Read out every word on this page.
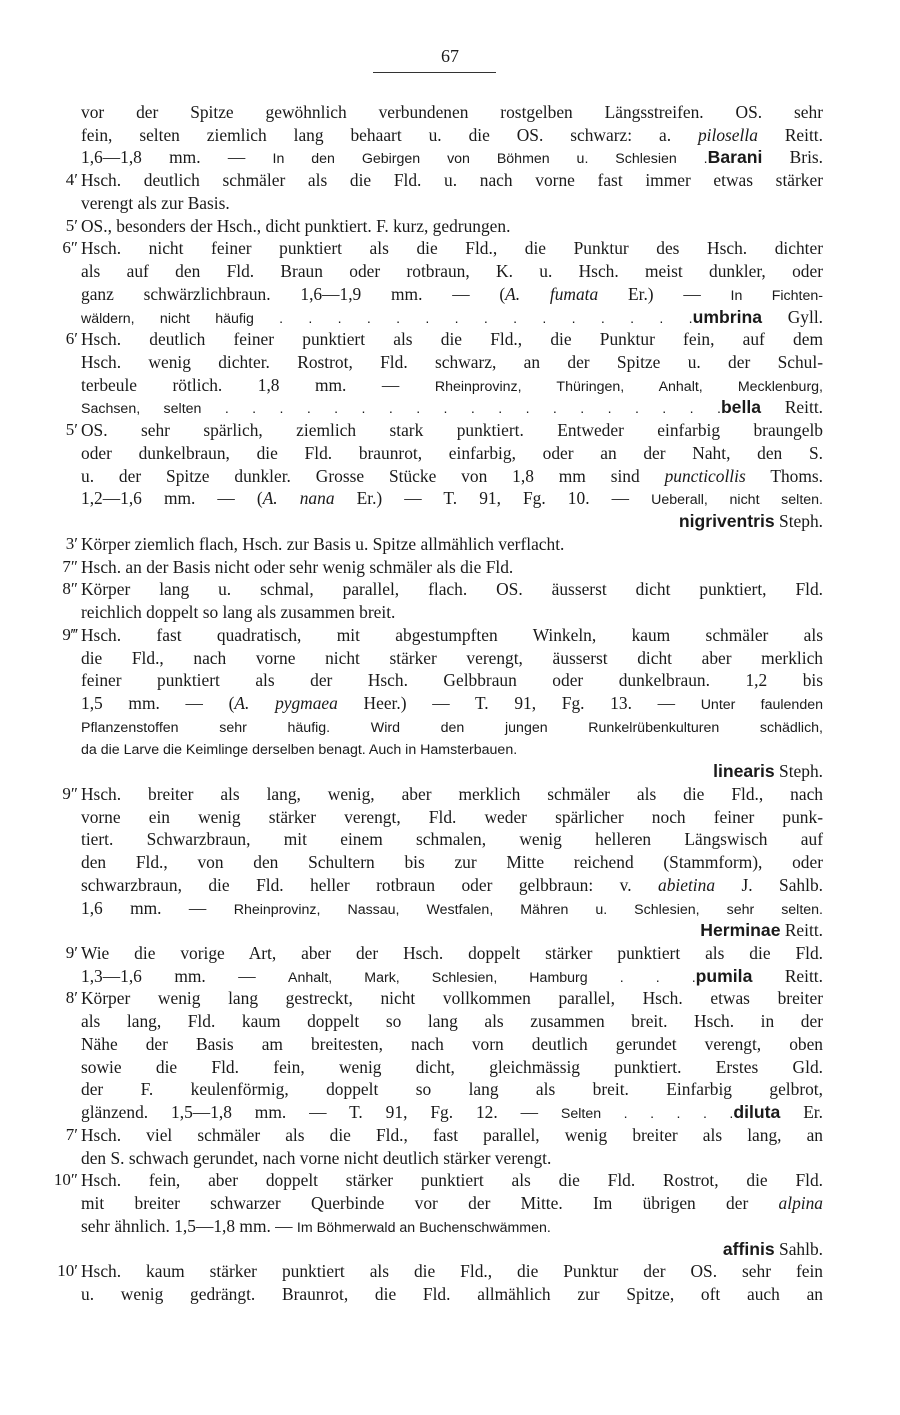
67
vor der Spitze gewöhnlich verbundenen rostgelben Längsstreifen. OS. sehr
fein, selten ziemlich lang behaart u. die OS. schwarz: a. pilosella Reitt.
1,6—1,8 mm. — In den Gebirgen von Böhmen u. Schlesien .Barani Bris.
4′ Hsch. deutlich schmäler als die Fld. u. nach vorne fast immer etwas stärker
verengt als zur Basis.
5′ OS., besonders der Hsch., dicht punktiert. F. kurz, gedrungen.
6″ Hsch. nicht feiner punktiert als die Fld., die Punktur des Hsch. dichter
als auf den Fld. Braun oder rotbraun, K. u. Hsch. meist dunkler, oder
ganz schwärzlichbraun. 1,6—1,9 mm. — (A. fumata Er.) — In Fichten-
wäldern, nicht häufig . . . . . . . . . . . . . . .umbrina Gyll.
6′ Hsch. deutlich feiner punktiert als die Fld., die Punktur fein, auf dem
Hsch. wenig dichter. Rostrot, Fld. schwarz, an der Spitze u. der Schul-
terbeule rötlich. 1,8 mm. — Rheinprovinz, Thüringen, Anhalt, Mecklenburg,
Sachsen, selten . . . . . . . . . . . . . . . . . . .bella Reitt.
5′ OS. sehr spärlich, ziemlich stark punktiert. Entweder einfarbig braungelb
oder dunkelbraun, die Fld. braunrot, einfarbig, oder an der Naht, den S.
u. der Spitze dunkler. Grosse Stücke von 1,8 mm sind puncticollis Thoms.
1,2—1,6 mm. — (A. nana Er.) — T. 91, Fg. 10. — Ueberall, nicht selten.
nigriventris Steph.
3′ Körper ziemlich flach, Hsch. zur Basis u. Spitze allmählich verflacht.
7″ Hsch. an der Basis nicht oder sehr wenig schmäler als die Fld.
8″ Körper lang u. schmal, parallel, flach. OS. äusserst dicht punktiert, Fld.
reichlich doppelt so lang als zusammen breit.
9‴ Hsch. fast quadratisch, mit abgestumpften Winkeln, kaum schmäler als
die Fld., nach vorne nicht stärker verengt, äusserst dicht aber merklich
feiner punktiert als der Hsch. Gelbbraun oder dunkelbraun. 1,2 bis
1,5 mm. — (A. pygmaea Heer.) — T. 91, Fg. 13. — Unter faulenden
Pflanzenstoffen sehr häufig. Wird den jungen Runkelrübenkulturen schädlich,
da die Larve die Keimlinge derselben benagt. Auch in Hamsterbauen.
linearis Steph.
9″ Hsch. breiter als lang, wenig, aber merklich schmäler als die Fld., nach
vorne ein wenig stärker verengt, Fld. weder spärlicher noch feiner punk-
tiert. Schwarzbraun, mit einem schmalen, wenig helleren Längswisch auf
den Fld., von den Schultern bis zur Mitte reichend (Stammform), oder
schwarzbraun, die Fld. heller rotbraun oder gelbbraun: v. abietina J. Sahlb.
1,6 mm. — Rheinprovinz, Nassau, Westfalen, Mähren u. Schlesien, sehr selten.
Herminae Reitt.
9′ Wie die vorige Art, aber der Hsch. doppelt stärker punktiert als die Fld.
1,3—1,6 mm. — Anhalt, Mark, Schlesien, Hamburg . . .pumila Reitt.
8′ Körper wenig lang gestreckt, nicht vollkommen parallel, Hsch. etwas breiter
als lang, Fld. kaum doppelt so lang als zusammen breit. Hsch. in der
Nähe der Basis am breitesten, nach vorn deutlich gerundet verengt, oben
sowie die Fld. fein, wenig dicht, gleichmässig punktiert. Erstes Gld.
der F. keulenförmig, doppelt so lang als breit. Einfarbig gelbrot,
glänzend. 1,5—1,8 mm. — T. 91, Fg. 12. — Selten . . . . .diluta Er.
7′ Hsch. viel schmäler als die Fld., fast parallel, wenig breiter als lang, an
den S. schwach gerundet, nach vorne nicht deutlich stärker verengt.
10″ Hsch. fein, aber doppelt stärker punktiert als die Fld. Rostrot, die Fld.
mit breiter schwarzer Querbinde vor der Mitte. Im übrigen der alpina
sehr ähnlich. 1,5—1,8 mm. — Im Böhmerwald an Buchenschwämmen.
affinis Sahlb.
10′ Hsch. kaum stärker punktiert als die Fld., die Punktur der OS. sehr fein
u. wenig gedrängt. Braunrot, die Fld. allmählich zur Spitze, oft auch an
